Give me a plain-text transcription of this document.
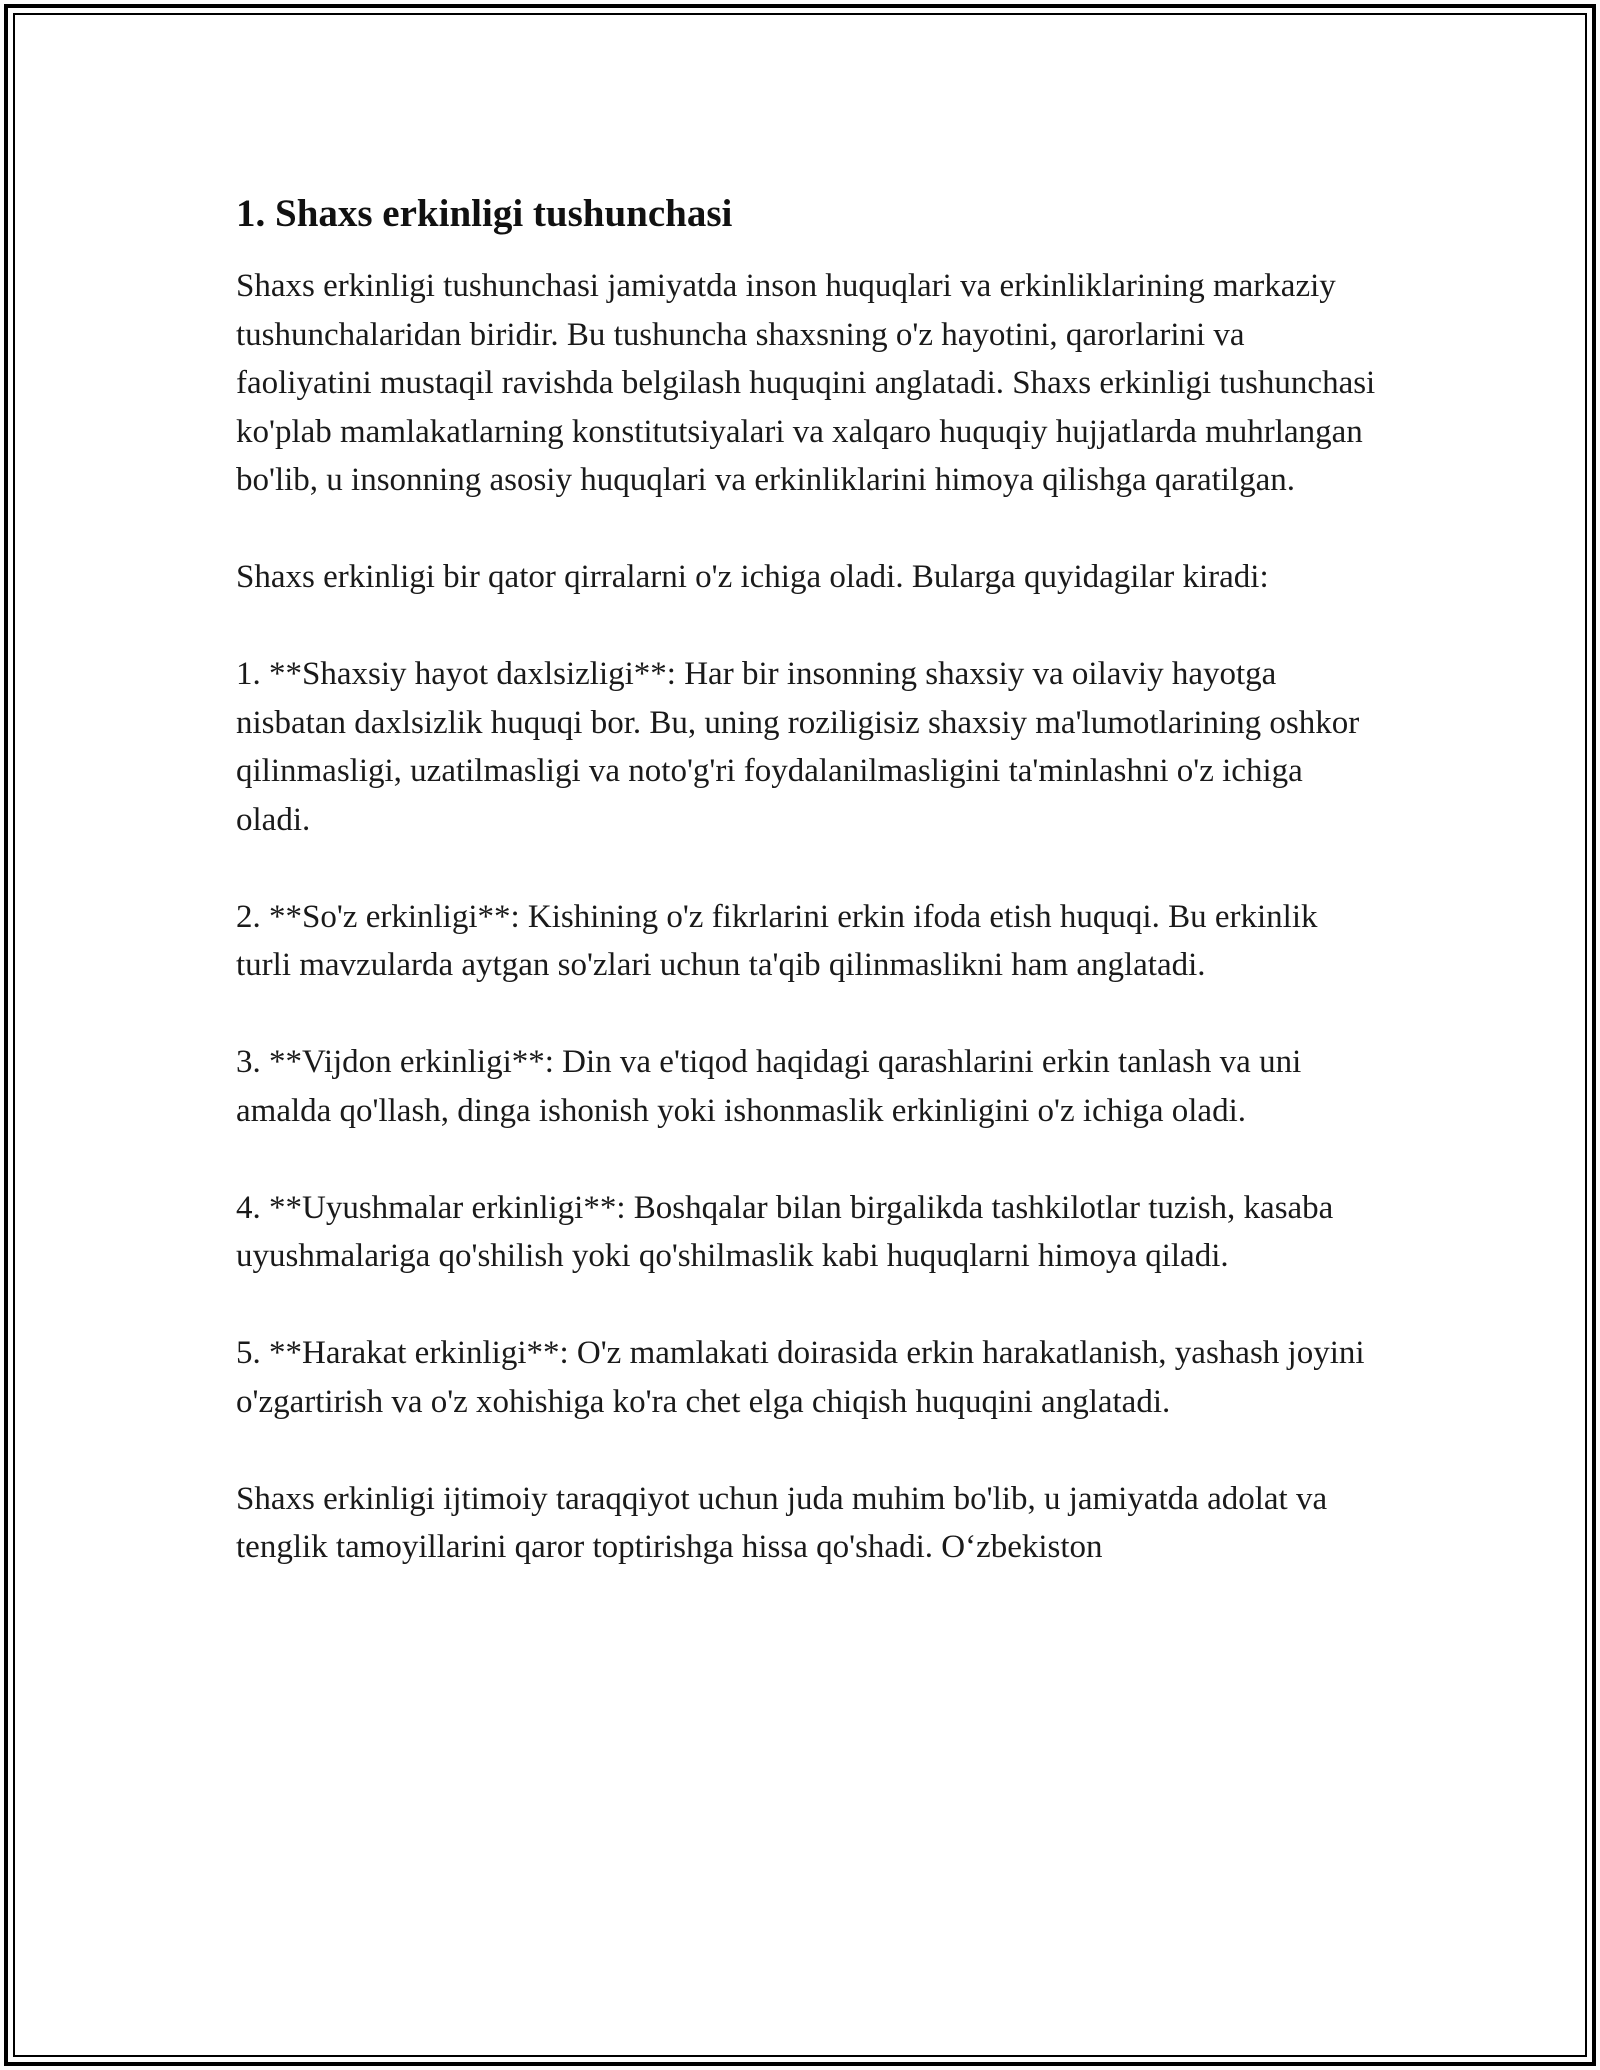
1. Shaxs erkinligi tushunchasi

Shaxs erkinligi tushunchasi jamiyatda inson huquqlari va erkinliklarining markaziy tushunchalaridan biridir. Bu tushuncha shaxsning o'z hayotini, qarorlarini va faoliyatini mustaqil ravishda belgilash huquqini anglatadi. Shaxs erkinligi tushunchasi ko'plab mamlakatlarning konstitutsiyalari va xalqaro huquqiy hujjatlarda muhrlangan bo'lib, u insonning asosiy huquqlari va erkinliklarini himoya qilishga qaratilgan.

Shaxs erkinligi bir qator qirralarni o'z ichiga oladi. Bularga quyidagilar kiradi:

1. **Shaxsiy hayot daxlsizligi**: Har bir insonning shaxsiy va oilaviy hayotga nisbatan daxlsizlik huquqi bor. Bu, uning roziligisiz shaxsiy ma'lumotlarining oshkor qilinmasligi, uzatilmasligi va noto'g'ri foydalanilmasligini ta'minlashni o'z ichiga oladi.

2. **So'z erkinligi**: Kishining o'z fikrlarini erkin ifoda etish huquqi. Bu erkinlik turli mavzularda aytgan so'zlari uchun ta'qib qilinmaslikni ham anglatadi.

3. **Vijdon erkinligi**: Din va e'tiqod haqidagi qarashlarini erkin tanlash va uni amalda qo'llash, dinga ishonish yoki ishonmaslik erkinligini o'z ichiga oladi.

4. **Uyushmalar erkinligi**: Boshqalar bilan birgalikda tashkilotlar tuzish, kasaba uyushmalariga qo'shilish yoki qo'shilmaslik kabi huquqlarni himoya qiladi.

5. **Harakat erkinligi**: O'z mamlakati doirasida erkin harakatlanish, yashash joyini o'zgartirish va o'z xohishiga ko'ra chet elga chiqish huquqini anglatadi.

Shaxs erkinligi ijtimoiy taraqqiyot uchun juda muhim bo'lib, u jamiyatda adolat va tenglik tamoyillarini qaror toptirishga hissa qo'shadi. O‘zbekiston
